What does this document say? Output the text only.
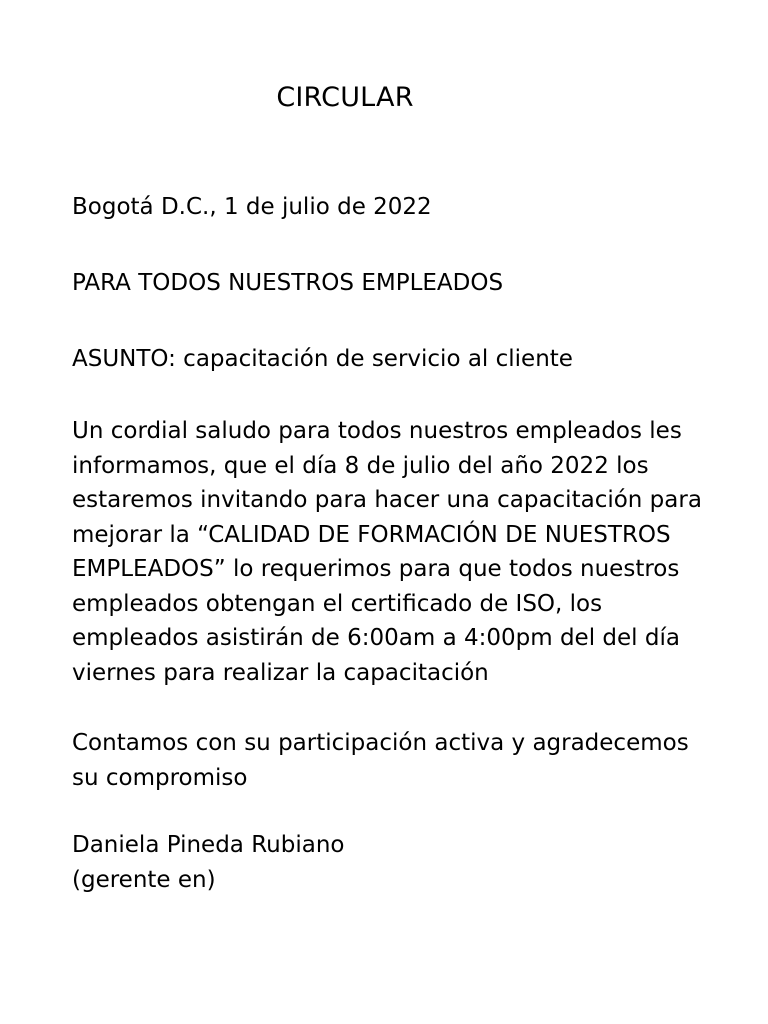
CIRCULAR
Bogotá D.C., 1 de julio de 2022
PARA TODOS NUESTROS EMPLEADOS
ASUNTO: capacitación de servicio al cliente
Un cordial saludo para todos nuestros empleados les
informamos, que el día 8 de julio del año 2022 los
estaremos invitando para hacer una capacitación para
mejorar la “CALIDAD DE FORMACIÓN DE NUESTROS
EMPLEADOS” lo requerimos para que todos nuestros
empleados obtengan el certificado de ISO, los
empleados asistirán de 6:00am a 4:00pm del del día
viernes para realizar la capacitación
Contamos con su participación activa y agradecemos
su compromiso
Daniela Pineda Rubiano
(gerente en)
